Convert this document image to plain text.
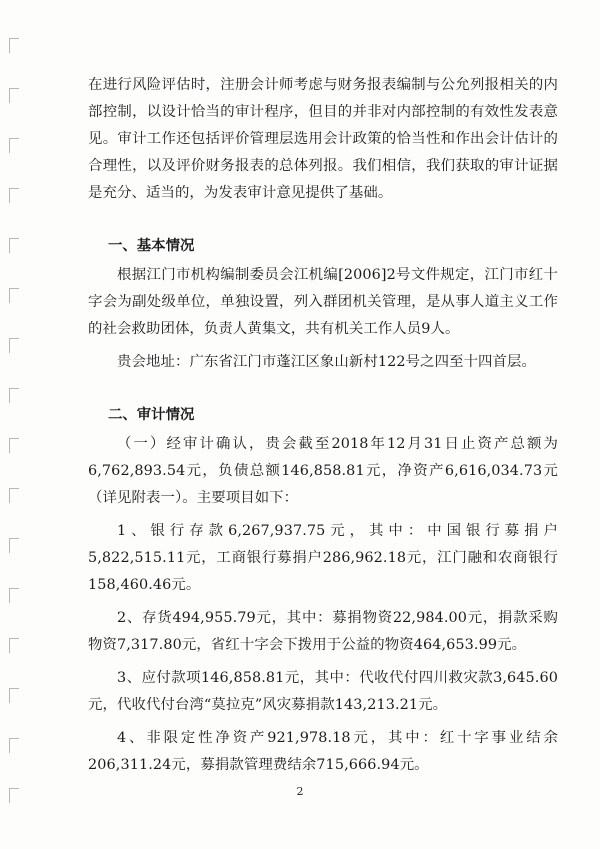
在进行风险评估时，注册会计师考虑与财务报表编制与公允列报相关的内部控制，以设计恰当的审计程序，但目的并非对内部控制的有效性发表意见。审计工作还包括评价管理层选用会计政策的恰当性和作出会计估计的合理性，以及评价财务报表的总体列报。我们相信，我们获取的审计证据是充分、适当的，为发表审计意见提供了基础。

一、基本情况

根据江门市机构编制委员会江机编[2006]2号文件规定，江门市红十字会为副处级单位，单独设置，列入群团机关管理，是从事人道主义工作的社会救助团体，负责人黄集文，共有机关工作人员9人。

贵会地址：广东省江门市蓬江区象山新村122号之四至十四首层。

二、审计情况

（一）经审计确认，贵会截至2018年12月31日止资产总额为6,762,893.54元，负债总额146,858.81元，净资产6,616,034.73元（详见附表一）。主要项目如下：

1、银行存款6,267,937.75元，其中：中国银行募捐户5,822,515.11元，工商银行募捐户286,962.18元，江门融和农商银行158,460.46元。

2、存货494,955.79元，其中：募捐物资22,984.00元，捐款采购物资7,317.80元，省红十字会下拨用于公益的物资464,653.99元。

3、应付款项146,858.81元，其中：代收代付四川救灾款3,645.60元，代收代付台湾“莫拉克”风灾募捐款143,213.21元。

4、非限定性净资产921,978.18元，其中：红十字事业结余206,311.24元，募捐款管理费结余715,666.94元。

2
